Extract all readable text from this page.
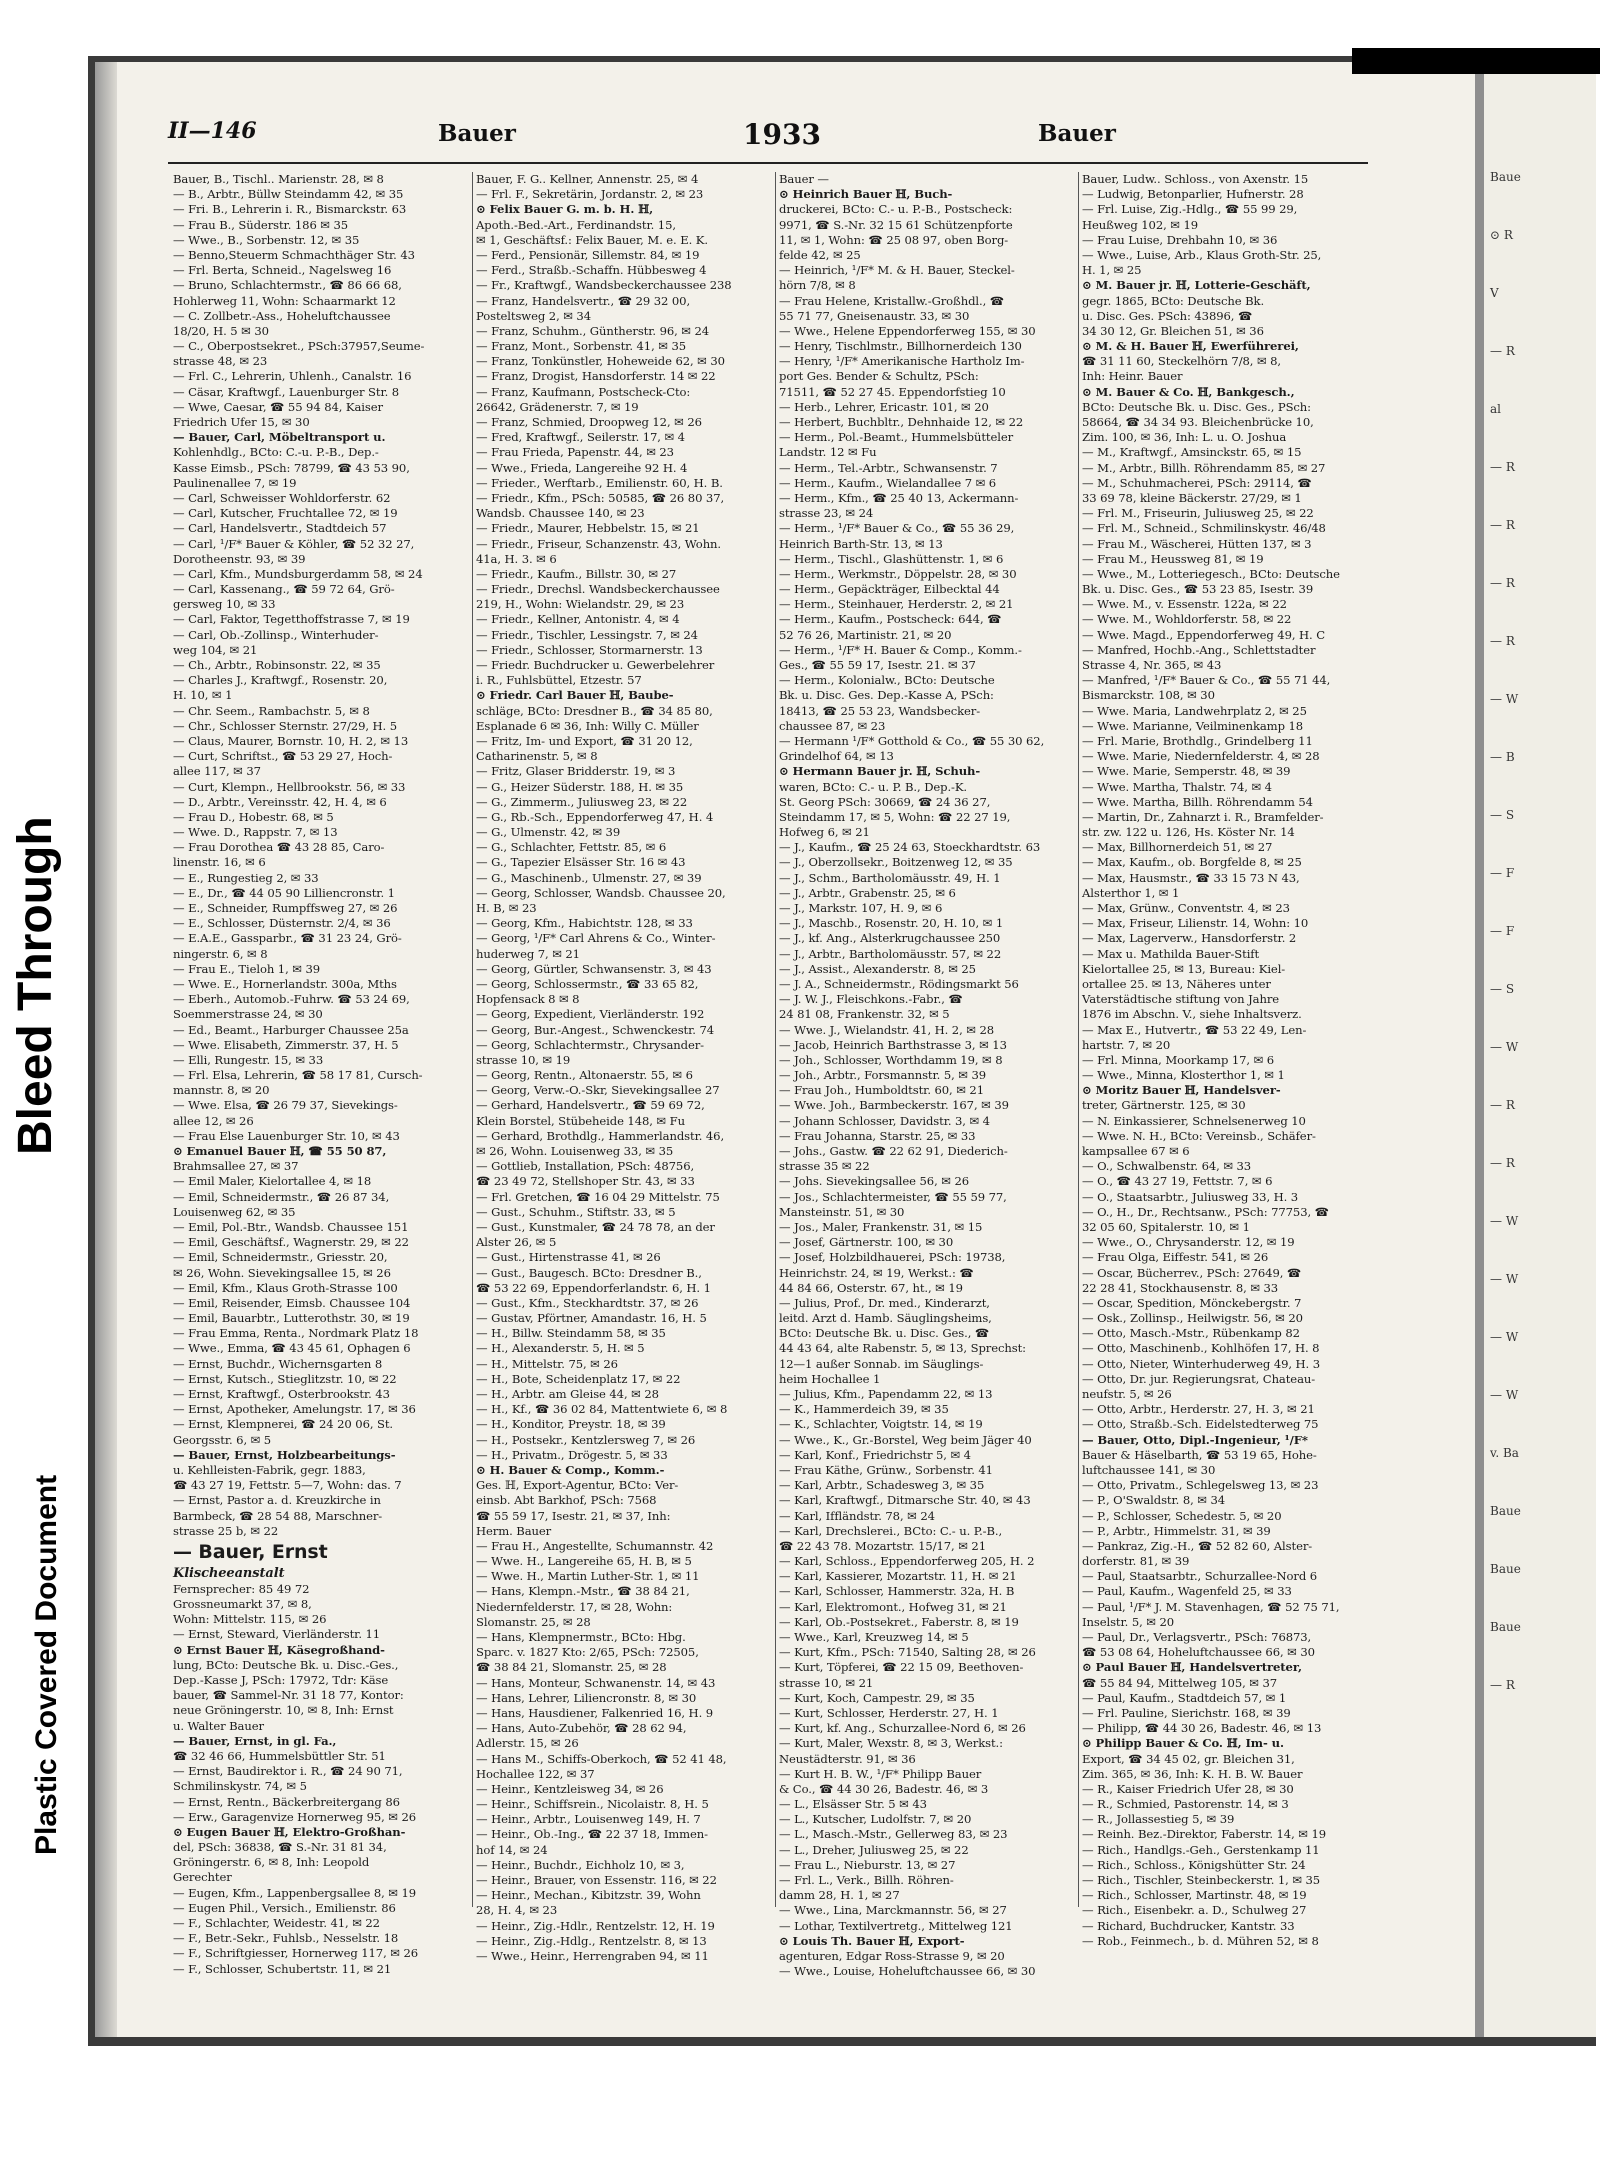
Bleed Through
Plastic Covered Document
Baue
⊙ R
V
— R
al
— R
— R
— R
— R
— W
— B
— S
— F
— F
— S
— W
— R
— R
— W
— W
— W
— W
v. Ba
Baue
Baue
Baue
— R
II—146	Bauer	1933	Bauer
Bauer, B., Tischl.. Marienstr. 28, ✉ 8
— B., Arbtr., Büllw Steindamm 42, ✉ 35
— Fri. B., Lehrerin i. R., Bismarckstr. 63
— Frau B., Süderstr. 186 ✉ 35
— Wwe., B., Sorbenstr. 12, ✉ 35
— Benno,Steuerm Schmachthäger Str. 43
— Frl. Berta, Schneid., Nagelsweg 16
— Bruno, Schlachtermstr., ☎ 86 66 68,
Hohlerweg 11, Wohn: Schaarmarkt 12
— C. Zollbetr.-Ass., Hoheluftchaussee
18/20, H. 5 ✉ 30
— C., Oberpostsekret., PSch:37957,Seume-
strasse 48, ✉ 23
— Frl. C., Lehrerin, Uhlenh., Canalstr. 16
— Cäsar, Kraftwgf., Lauenburger Str. 8
— Wwe, Caesar, ☎ 55 94 84, Kaiser
Friedrich Ufer 15, ✉ 30
— Bauer, Carl, Möbeltransport u.
Kohlenhdlg., BCto: C.-u. P.-B., Dep.-
Kasse Eimsb., PSch: 78799, ☎ 43 53 90,
Paulinenallee 7, ✉ 19
— Carl, Schweisser Wohldorferstr. 62
— Carl, Kutscher, Fruchtallee 72, ✉ 19
— Carl, Handelsvertr., Stadtdeich 57
— Carl, ¹/F* Bauer & Köhler, ☎ 52 32 27,
Dorotheenstr. 93, ✉ 39
— Carl, Kfm., Mundsburgerdamm 58, ✉ 24
— Carl, Kassenang., ☎ 59 72 64, Grö-
gersweg 10, ✉ 33
— Carl, Faktor, Tegetthoffstrasse 7, ✉ 19
— Carl, Ob.-Zollinsp., Winterhuder-
weg 104, ✉ 21
— Ch., Arbtr., Robinsonstr. 22, ✉ 35
— Charles J., Kraftwgf., Rosenstr. 20,
H. 10, ✉ 1
— Chr. Seem., Rambachstr. 5, ✉ 8
— Chr., Schlosser Sternstr. 27/29, H. 5
— Claus, Maurer, Bornstr. 10, H. 2, ✉ 13
— Curt, Schriftst., ☎ 53 29 27, Hoch-
allee 117, ✉ 37
— Curt, Klempn., Hellbrookstr. 56, ✉ 33
— D., Arbtr., Vereinsstr. 42, H. 4, ✉ 6
— Frau D., Hobestr. 68, ✉ 5
— Wwe. D., Rappstr. 7, ✉ 13
— Frau Dorothea ☎ 43 28 85, Caro-
linenstr. 16, ✉ 6
— E., Rungestieg 2, ✉ 33
— E., Dr., ☎ 44 05 90 Lilliencronstr. 1
— E., Schneider, Rumpffsweg 27, ✉ 26
— E., Schlosser, Düsternstr. 2/4, ✉ 36
— E.A.E., Gassparbr., ☎ 31 23 24, Grö-
ningerstr. 6, ✉ 8
— Frau E., Tieloh 1, ✉ 39
— Wwe. E., Hornerlandstr. 300a, Mths
— Eberh., Automob.-Fuhrw. ☎ 53 24 69,
Soemmerstrasse 24, ✉ 30
— Ed., Beamt., Harburger Chaussee 25a
— Wwe. Elisabeth, Zimmerstr. 37, H. 5
— Elli, Rungestr. 15, ✉ 33
— Frl. Elsa, Lehrerin, ☎ 58 17 81, Cursch-
mannstr. 8, ✉ 20
— Wwe. Elsa, ☎ 26 79 37, Sievekings-
allee 12, ✉ 26
— Frau Else Lauenburger Str. 10, ✉ 43
⊙ Emanuel Bauer ℍ, ☎ 55 50 87,
Brahmsallee 27, ✉ 37
— Emil Maler, Kielortallee 4, ✉ 18
— Emil, Schneidermstr., ☎ 26 87 34,
Louisenweg 62, ✉ 35
— Emil, Pol.-Btr., Wandsb. Chaussee 151
— Emil, Geschäftsf., Wagnerstr. 29, ✉ 22
— Emil, Schneidermstr., Griesstr. 20,
✉ 26, Wohn. Sievekingsallee 15, ✉ 26
— Emil, Kfm., Klaus Groth-Strasse 100
— Emil, Reisender, Eimsb. Chaussee 104
— Emil, Bauarbtr., Lutterothstr. 30, ✉ 19
— Frau Emma, Renta., Nordmark Platz 18
— Wwe., Emma, ☎ 43 45 61, Ophagen 6
— Ernst, Buchdr., Wichernsgarten 8
— Ernst, Kutsch., Stieglitzstr. 10, ✉ 22
— Ernst, Kraftwgf., Osterbrookstr. 43
— Ernst, Apotheker, Amelungstr. 17, ✉ 36
— Ernst, Klempnerei, ☎ 24 20 06, St.
Georgsstr. 6, ✉ 5
— Bauer, Ernst, Holzbearbeitungs-
u. Kehlleisten-Fabrik, gegr. 1883,
☎ 43 27 19, Fettstr. 5—7, Wohn: das. 7
— Ernst, Pastor a. d. Kreuzkirche in
Barmbeck, ☎ 28 54 88, Marschner-
strasse 25 b, ✉ 22
— Bauer, Ernst
Klischeeanstalt
Fernsprecher: 85 49 72
Grossneumarkt 37, ✉ 8,
Wohn: Mittelstr. 115, ✉ 26
— Ernst, Steward, Vierländerstr. 11
⊙ Ernst Bauer ℍ, Käsegroßhand-
lung, BCto: Deutsche Bk. u. Disc.-Ges.,
Dep.-Kasse J, PSch: 17972, Tdr: Käse
bauer, ☎ Sammel-Nr. 31 18 77, Kontor:
neue Gröningerstr. 10, ✉ 8, Inh: Ernst
u. Walter Bauer
— Bauer, Ernst, in gl. Fa.,
☎ 32 46 66, Hummelsbüttler Str. 51
— Ernst, Baudirektor i. R., ☎ 24 90 71,
Schmilinskystr. 74, ✉ 5
— Ernst, Rentn., Bäckerbreitergang 86
— Erw., Garagenvize Hornerweg 95, ✉ 26
⊙ Eugen Bauer ℍ, Elektro-Großhan-
del, PSch: 36838, ☎ S.-Nr. 31 81 34,
Gröningerstr. 6, ✉ 8, Inh: Leopold
Gerechter
— Eugen, Kfm., Lappenbergsallee 8, ✉ 19
— Eugen Phil., Versich., Emilienstr. 86
— F., Schlachter, Weidestr. 41, ✉ 22
— F., Betr.-Sekr., Fuhlsb., Nesselstr. 18
— F., Schriftgiesser, Hornerweg 117, ✉ 26
— F., Schlosser, Schubertstr. 11, ✉ 21
Bauer, F. G.. Kellner, Annenstr. 25, ✉ 4
— Frl. F., Sekretärin, Jordanstr. 2, ✉ 23
⊙ Felix Bauer G. m. b. H. ℍ,
Apoth.-Bed.-Art., Ferdinandstr. 15,
✉ 1, Geschäftsf.: Felix Bauer, M. e. E. K.
— Ferd., Pensionär, Sillemstr. 84, ✉ 19
— Ferd., Straßb.-Schaffn. Hübbesweg 4
— Fr., Kraftwgf., Wandsbeckerchaussee 238
— Franz, Handelsvertr., ☎ 29 32 00,
Posteltsweg 2, ✉ 34
— Franz, Schuhm., Güntherstr. 96, ✉ 24
— Franz, Mont., Sorbenstr. 41, ✉ 35
— Franz, Tonkünstler, Hoheweide 62, ✉ 30
— Franz, Drogist, Hansdorferstr. 14 ✉ 22
— Franz, Kaufmann, Postscheck-Cto:
26642, Grädenerstr. 7, ✉ 19
— Franz, Schmied, Droopweg 12, ✉ 26
— Fred, Kraftwgf., Seilerstr. 17, ✉ 4
— Frau Frieda, Papenstr. 44, ✉ 23
— Wwe., Frieda, Langereihe 92 H. 4
— Frieder., Werftarb., Emilienstr. 60, H. B.
— Friedr., Kfm., PSch: 50585, ☎ 26 80 37,
Wandsb. Chaussee 140, ✉ 23
— Friedr., Maurer, Hebbelstr. 15, ✉ 21
— Friedr., Friseur, Schanzenstr. 43, Wohn.
41a, H. 3. ✉ 6
— Friedr., Kaufm., Billstr. 30, ✉ 27
— Friedr., Drechsl. Wandsbeckerchaussee
219, H., Wohn: Wielandstr. 29, ✉ 23
— Friedr., Kellner, Antonistr. 4, ✉ 4
— Friedr., Tischler, Lessingstr. 7, ✉ 24
— Friedr., Schlosser, Stormarnerstr. 13
— Friedr. Buchdrucker u. Gewerbelehrer
i. R., Fuhlsbüttel, Etzestr. 57
⊙ Friedr. Carl Bauer ℍ, Baube-
schläge, BCto: Dresdner B., ☎ 34 85 80,
Esplanade 6 ✉ 36, Inh: Willy C. Müller
— Fritz, Im- und Export, ☎ 31 20 12,
Catharinenstr. 5, ✉ 8
— Fritz, Glaser Bridderstr. 19, ✉ 3
— G., Heizer Süderstr. 188, H. ✉ 35
— G., Zimmerm., Juliusweg 23, ✉ 22
— G., Rb.-Sch., Eppendorferweg 47, H. 4
— G., Ulmenstr. 42, ✉ 39
— G., Schlachter, Fettstr. 85, ✉ 6
— G., Tapezier Elsässer Str. 16 ✉ 43
— G., Maschinenb., Ulmenstr. 27, ✉ 39
— Georg, Schlosser, Wandsb. Chaussee 20,
H. B, ✉ 23
— Georg, Kfm., Habichtstr. 128, ✉ 33
— Georg, ¹/F* Carl Ahrens & Co., Winter-
huderweg 7, ✉ 21
— Georg, Gürtler, Schwansenstr. 3, ✉ 43
— Georg, Schlossermstr., ☎ 33 65 82,
Hopfensack 8 ✉ 8
— Georg, Expedient, Vierländerstr. 192
— Georg, Bur.-Angest., Schwenckestr. 74
— Georg, Schlachtermstr., Chrysander-
strasse 10, ✉ 19
— Georg, Rentn., Altonaerstr. 55, ✉ 6
— Georg, Verw.-O.-Skr, Sievekingsallee 27
— Gerhard, Handelsvertr., ☎ 59 69 72,
Klein Borstel, Stübeheide 148, ✉ Fu
— Gerhard, Brothdlg., Hammerlandstr. 46,
✉ 26, Wohn. Louisenweg 33, ✉ 35
— Gottlieb, Installation, PSch: 48756,
☎ 23 49 72, Stellshoper Str. 43, ✉ 33
— Frl. Gretchen, ☎ 16 04 29 Mittelstr. 75
— Gust., Schuhm., Stiftstr. 33, ✉ 5
— Gust., Kunstmaler, ☎ 24 78 78, an der
Alster 26, ✉ 5
— Gust., Hirtenstrasse 41, ✉ 26
— Gust., Baugesch. BCto: Dresdner B.,
☎ 53 22 69, Eppendorferlandstr. 6, H. 1
— Gust., Kfm., Steckhardtstr. 37, ✉ 26
— Gustav, Pförtner, Amandastr. 16, H. 5
— H., Billw. Steindamm 58, ✉ 35
— H., Alexanderstr. 5, H. ✉ 5
— H., Mittelstr. 75, ✉ 26
— H., Bote, Scheidenplatz 17, ✉ 22
— H., Arbtr. am Gleise 44, ✉ 28
— H., Kf., ☎ 36 02 84, Mattentwiete 6, ✉ 8
— H., Konditor, Preystr. 18, ✉ 39
— H., Postsekr., Kentzlersweg 7, ✉ 26
— H., Privatm., Drögestr. 5, ✉ 33
⊙ H. Bauer & Comp., Komm.-
Ges. ℍ, Export-Agentur, BCto: Ver-
einsb. Abt Barkhof, PSch: 7568
☎ 55 59 17, Isestr. 21, ✉ 37, Inh:
Herm. Bauer
— Frau H., Angestellte, Schumannstr. 42
— Wwe. H., Langereihe 65, H. B, ✉ 5
— Wwe. H., Martin Luther-Str. 1, ✉ 11
— Hans, Klempn.-Mstr., ☎ 38 84 21,
Niedernfelderstr. 17, ✉ 28, Wohn:
Slomanstr. 25, ✉ 28
— Hans, Klempnermstr., BCto: Hbg.
Sparc. v. 1827 Kto: 2/65, PSch: 72505,
☎ 38 84 21, Slomanstr. 25, ✉ 28
— Hans, Monteur, Schwanenstr. 14, ✉ 43
— Hans, Lehrer, Liliencronstr. 8, ✉ 30
— Hans, Hausdiener, Falkenried 16, H. 9
— Hans, Auto-Zubehör, ☎ 28 62 94,
Adlerstr. 15, ✉ 26
— Hans M., Schiffs-Oberkoch, ☎ 52 41 48,
Hochallee 122, ✉ 37
— Heinr., Kentzleisweg 34, ✉ 26
— Heinr., Schiffsrein., Nicolaistr. 8, H. 5
— Heinr., Arbtr., Louisenweg 149, H. 7
— Heinr., Ob.-Ing., ☎ 22 37 18, Immen-
hof 14, ✉ 24
— Heinr., Buchdr., Eichholz 10, ✉ 3,
— Heinr., Brauer, von Essenstr. 116, ✉ 22
— Heinr., Mechan., Kibitzstr. 39, Wohn
28, H. 4, ✉ 23
— Heinr., Zig.-Hdlr., Rentzelstr. 12, H. 19
— Heinr., Zig.-Hdlg., Rentzelstr. 8, ✉ 13
— Wwe., Heinr., Herrengraben 94, ✉ 11
Bauer —
⊙ Heinrich Bauer ℍ, Buch-
druckerei, BCto: C.- u. P.-B., Postscheck:
9971, ☎ S.-Nr. 32 15 61 Schützenpforte
11, ✉ 1, Wohn: ☎ 25 08 97, oben Borg-
felde 42, ✉ 25
— Heinrich, ¹/F* M. & H. Bauer, Steckel-
hörn 7/8, ✉ 8
— Frau Helene, Kristallw.-Großhdl., ☎
55 71 77, Gneisenaustr. 33, ✉ 30
— Wwe., Helene Eppendorferweg 155, ✉ 30
— Henry, Tischlmstr., Billhornerdeich 130
— Henry, ¹/F* Amerikanische Hartholz Im-
port Ges. Bender & Schultz, PSch:
71511, ☎ 52 27 45. Eppendorfstieg 10
— Herb., Lehrer, Ericastr. 101, ✉ 20
— Herbert, Buchbltr., Dehnhaide 12, ✉ 22
— Herm., Pol.-Beamt., Hummelsbütteler
Landstr. 12 ✉ Fu
— Herm., Tel.-Arbtr., Schwansenstr. 7
— Herm., Kaufm., Wielandallee 7 ✉ 6
— Herm., Kfm., ☎ 25 40 13, Ackermann-
strasse 23, ✉ 24
— Herm., ¹/F* Bauer & Co., ☎ 55 36 29,
Heinrich Barth-Str. 13, ✉ 13
— Herm., Tischl., Glashüttenstr. 1, ✉ 6
— Herm., Werkmstr., Döppelstr. 28, ✉ 30
— Herm., Gepäckträger, Eilbecktal 44
— Herm., Steinhauer, Herderstr. 2, ✉ 21
— Herm., Kaufm., Postscheck: 644, ☎
52 76 26, Martinistr. 21, ✉ 20
— Herm., ¹/F* H. Bauer & Comp., Komm.-
Ges., ☎ 55 59 17, Isestr. 21. ✉ 37
— Herm., Kolonialw., BCto: Deutsche
Bk. u. Disc. Ges. Dep.-Kasse A, PSch:
18413, ☎ 25 53 23, Wandsbecker-
chaussee 87, ✉ 23
— Hermann ¹/F* Gotthold & Co., ☎ 55 30 62,
Grindelhof 64, ✉ 13
⊙ Hermann Bauer jr. ℍ, Schuh-
waren, BCto: C.- u. P. B., Dep.-K.
St. Georg PSch: 30669, ☎ 24 36 27,
Steindamm 17, ✉ 5, Wohn: ☎ 22 27 19,
Hofweg 6, ✉ 21
— J., Kaufm., ☎ 25 24 63, Stoeckhardtstr. 63
— J., Oberzollsekr., Boitzenweg 12, ✉ 35
— J., Schm., Bartholomäusstr. 49, H. 1
— J., Arbtr., Grabenstr. 25, ✉ 6
— J., Markstr. 107, H. 9, ✉ 6
— J., Maschb., Rosenstr. 20, H. 10, ✉ 1
— J., kf. Ang., Alsterkrugchaussee 250
— J., Arbtr., Bartholomäusstr. 57, ✉ 22
— J., Assist., Alexanderstr. 8, ✉ 25
— J. A., Schneidermstr., Rödingsmarkt 56
— J. W. J., Fleischkons.-Fabr., ☎
24 81 08, Frankenstr. 32, ✉ 5
— Wwe. J., Wielandstr. 41, H. 2, ✉ 28
— Jacob, Heinrich Barthstrasse 3, ✉ 13
— Joh., Schlosser, Worthdamm 19, ✉ 8
— Joh., Arbtr., Forsmannstr. 5, ✉ 39
— Frau Joh., Humboldtstr. 60, ✉ 21
— Wwe. Joh., Barmbeckerstr. 167, ✉ 39
— Johann Schlosser, Davidstr. 3, ✉ 4
— Frau Johanna, Starstr. 25, ✉ 33
— Johs., Gastw. ☎ 22 62 91, Diederich-
strasse 35 ✉ 22
— Johs. Sievekingsallee 56, ✉ 26
— Jos., Schlachtermeister, ☎ 55 59 77,
Mansteinstr. 51, ✉ 30
— Jos., Maler, Frankenstr. 31, ✉ 15
— Josef, Gärtnerstr. 100, ✉ 30
— Josef, Holzbildhauerei, PSch: 19738,
Heinrichstr. 24, ✉ 19, Werkst.: ☎
44 84 66, Osterstr. 67, ht., ✉ 19
— Julius, Prof., Dr. med., Kinderarzt,
leitd. Arzt d. Hamb. Säuglingsheims,
BCto: Deutsche Bk. u. Disc. Ges., ☎
44 43 64, alte Rabenstr. 5, ✉ 13, Sprechst:
12—1 außer Sonnab. im Säuglings-
heim Hochallee 1
— Julius, Kfm., Papendamm 22, ✉ 13
— K., Hammerdeich 39, ✉ 35
— K., Schlachter, Voigtstr. 14, ✉ 19
— Wwe., K., Gr.-Borstel, Weg beim Jäger 40
— Karl, Konf., Friedrichstr 5, ✉ 4
— Frau Käthe, Grünw., Sorbenstr. 41
— Karl, Arbtr., Schadesweg 3, ✉ 35
— Karl, Kraftwgf., Ditmarsche Str. 40, ✉ 43
— Karl, Iffländstr. 78, ✉ 24
— Karl, Drechslerei., BCto: C.- u. P.-B.,
☎ 22 43 78. Mozartstr. 15/17, ✉ 21
— Karl, Schloss., Eppendorferweg 205, H. 2
— Karl, Kassierer, Mozartstr. 11, H. ✉ 21
— Karl, Schlosser, Hammerstr. 32a, H. B
— Karl, Elektromont., Hofweg 31, ✉ 21
— Karl, Ob.-Postsekret., Faberstr. 8, ✉ 19
— Wwe., Karl, Kreuzweg 14, ✉ 5
— Kurt, Kfm., PSch: 71540, Salting 28, ✉ 26
— Kurt, Töpferei, ☎ 22 15 09, Beethoven-
strasse 10, ✉ 21
— Kurt, Koch, Campestr. 29, ✉ 35
— Kurt, Schlosser, Herderstr. 27, H. 1
— Kurt, kf. Ang., Schurzallee-Nord 6, ✉ 26
— Kurt, Maler, Wexstr. 8, ✉ 3, Werkst.:
Neustädterstr. 91, ✉ 36
— Kurt H. B. W., ¹/F* Philipp Bauer
& Co., ☎ 44 30 26, Badestr. 46, ✉ 3
— L., Elsässer Str. 5 ✉ 43
— L., Kutscher, Ludolfstr. 7, ✉ 20
— L., Masch.-Mstr., Gellerweg 83, ✉ 23
— L., Dreher, Juliusweg 25, ✉ 22
— Frau L., Nieburstr. 13, ✉ 27
— Frl. L., Verk., Billh. Röhren-
damm 28, H. 1, ✉ 27
— Wwe., Lina, Marckmannstr. 56, ✉ 27
— Lothar, Textilvertretg., Mittelweg 121
⊙ Louis Th. Bauer ℍ, Export-
agenturen, Edgar Ross-Strasse 9, ✉ 20
— Wwe., Louise, Hoheluftchaussee 66, ✉ 30
Bauer, Ludw.. Schloss., von Axenstr. 15
— Ludwig, Betonparlier, Hufnerstr. 28
— Frl. Luise, Zig.-Hdlg., ☎ 55 99 29,
Heußweg 102, ✉ 19
— Frau Luise, Drehbahn 10, ✉ 36
— Wwe., Luise, Arb., Klaus Groth-Str. 25,
H. 1, ✉ 25
⊙ M. Bauer jr. ℍ, Lotterie-Geschäft,
gegr. 1865, BCto: Deutsche Bk.
u. Disc. Ges. PSch: 43896, ☎
34 30 12, Gr. Bleichen 51, ✉ 36
⊙ M. & H. Bauer ℍ, Ewerführerei,
☎ 31 11 60, Steckelhörn 7/8, ✉ 8,
Inh: Heinr. Bauer
⊙ M. Bauer & Co. ℍ, Bankgesch.,
BCto: Deutsche Bk. u. Disc. Ges., PSch:
58664, ☎ 34 34 93. Bleichenbrücke 10,
Zim. 100, ✉ 36, Inh: L. u. O. Joshua
— M., Kraftwgf., Amsinckstr. 65, ✉ 15
— M., Arbtr., Billh. Röhrendamm 85, ✉ 27
— M., Schuhmacherei, PSch: 29114, ☎
33 69 78, kleine Bäckerstr. 27/29, ✉ 1
— Frl. M., Friseurin, Juliusweg 25, ✉ 22
— Frl. M., Schneid., Schmilinskystr. 46/48
— Frau M., Wäscherei, Hütten 137, ✉ 3
— Frau M., Heussweg 81, ✉ 19
— Wwe., M., Lotteriegesch., BCto: Deutsche
Bk. u. Disc. Ges., ☎ 53 23 85, Isestr. 39
— Wwe. M., v. Essenstr. 122a, ✉ 22
— Wwe. M., Wohldorferstr. 58, ✉ 22
— Wwe. Magd., Eppendorferweg 49, H. C
— Manfred, Hochb.-Ang., Schlettstadter
Strasse 4, Nr. 365, ✉ 43
— Manfred, ¹/F* Bauer & Co., ☎ 55 71 44,
Bismarckstr. 108, ✉ 30
— Wwe. Maria, Landwehrplatz 2, ✉ 25
— Wwe. Marianne, Veilminenkamp 18
— Frl. Marie, Brothdlg., Grindelberg 11
— Wwe. Marie, Niedernfelderstr. 4, ✉ 28
— Wwe. Marie, Semperstr. 48, ✉ 39
— Wwe. Martha, Thalstr. 74, ✉ 4
— Wwe. Martha, Billh. Röhrendamm 54
— Martin, Dr., Zahnarzt i. R., Bramfelder-
str. zw. 122 u. 126, Hs. Köster Nr. 14
— Max, Billhornerdeich 51, ✉ 27
— Max, Kaufm., ob. Borgfelde 8, ✉ 25
— Max, Hausmstr., ☎ 33 15 73 N 43,
Alsterthor 1, ✉ 1
— Max, Grünw., Conventstr. 4, ✉ 23
— Max, Friseur, Lilienstr. 14, Wohn: 10
— Max, Lagerverw., Hansdorferstr. 2
— Max u. Mathilda Bauer-Stift
Kielortallee 25, ✉ 13, Bureau: Kiel-
ortallee 25. ✉ 13, Näheres unter
Vaterstädtische stiftung von Jahre
1876 im Abschn. V., siehe Inhaltsverz.
— Max E., Hutvertr., ☎ 53 22 49, Len-
hartstr. 7, ✉ 20
— Frl. Minna, Moorkamp 17, ✉ 6
— Wwe., Minna, Klosterthor 1, ✉ 1
⊙ Moritz Bauer ℍ, Handelsver-
treter, Gärtnerstr. 125, ✉ 30
— N. Einkassierer, Schnelsenerweg 10
— Wwe. N. H., BCto: Vereinsb., Schäfer-
kampsallee 67 ✉ 6
— O., Schwalbenstr. 64, ✉ 33
— O., ☎ 43 27 19, Fettstr. 7, ✉ 6
— O., Staatsarbtr., Juliusweg 33, H. 3
— O., H., Dr., Rechtsanw., PSch: 77753, ☎
32 05 60, Spitalerstr. 10, ✉ 1
— Wwe., O., Chrysanderstr. 12, ✉ 19
— Frau Olga, Eiffestr. 541, ✉ 26
— Oscar, Bücherrev., PSch: 27649, ☎
22 28 41, Stockhausenstr. 8, ✉ 33
— Oscar, Spedition, Mönckebergstr. 7
— Osk., Zollinsp., Heilwigstr. 56, ✉ 20
— Otto, Masch.-Mstr., Rübenkamp 82
— Otto, Maschinenb., Kohlhöfen 17, H. 8
— Otto, Nieter, Winterhuderweg 49, H. 3
— Otto, Dr. jur. Regierungsrat, Chateau-
neufstr. 5, ✉ 26
— Otto, Arbtr., Herderstr. 27, H. 3, ✉ 21
— Otto, Straßb.-Sch. Eidelstedterweg 75
— Bauer, Otto, Dipl.-Ingenieur, ¹/F*
Bauer & Häselbarth, ☎ 53 19 65, Hohe-
luftchaussee 141, ✉ 30
— Otto, Privatm., Schlegelsweg 13, ✉ 23
— P., O'Swaldstr. 8, ✉ 34
— P., Schlosser, Schedestr. 5, ✉ 20
— P., Arbtr., Himmelstr. 31, ✉ 39
— Pankraz, Zig.-H., ☎ 52 82 60, Alster-
dorferstr. 81, ✉ 39
— Paul, Staatsarbtr., Schurzallee-Nord 6
— Paul, Kaufm., Wagenfeld 25, ✉ 33
— Paul, ¹/F* J. M. Stavenhagen, ☎ 52 75 71,
Inselstr. 5, ✉ 20
— Paul, Dr., Verlagsvertr., PSch: 76873,
☎ 53 08 64, Hoheluftchaussee 66, ✉ 30
⊙ Paul Bauer ℍ, Handelsvertreter,
☎ 55 84 94, Mittelweg 105, ✉ 37
— Paul, Kaufm., Stadtdeich 57, ✉ 1
— Frl. Pauline, Sierichstr. 168, ✉ 39
— Philipp, ☎ 44 30 26, Badestr. 46, ✉ 13
⊙ Philipp Bauer & Co. ℍ, Im- u.
Export, ☎ 34 45 02, gr. Bleichen 31,
Zim. 365, ✉ 36, Inh: K. H. B. W. Bauer
— R., Kaiser Friedrich Ufer 28, ✉ 30
— R., Schmied, Pastorenstr. 14, ✉ 3
— R., Jollassestieg 5, ✉ 39
— Reinh. Bez.-Direktor, Faberstr. 14, ✉ 19
— Rich., Handlgs.-Geh., Gerstenkamp 11
— Rich., Schloss., Königshütter Str. 24
— Rich., Tischler, Steinbeckerstr. 1, ✉ 35
— Rich., Schlosser, Martinstr. 48, ✉ 19
— Rich., Eisenbekr. a. D., Schulweg 27
— Richard, Buchdrucker, Kantstr. 33
— Rob., Feinmech., b. d. Mühren 52, ✉ 8
